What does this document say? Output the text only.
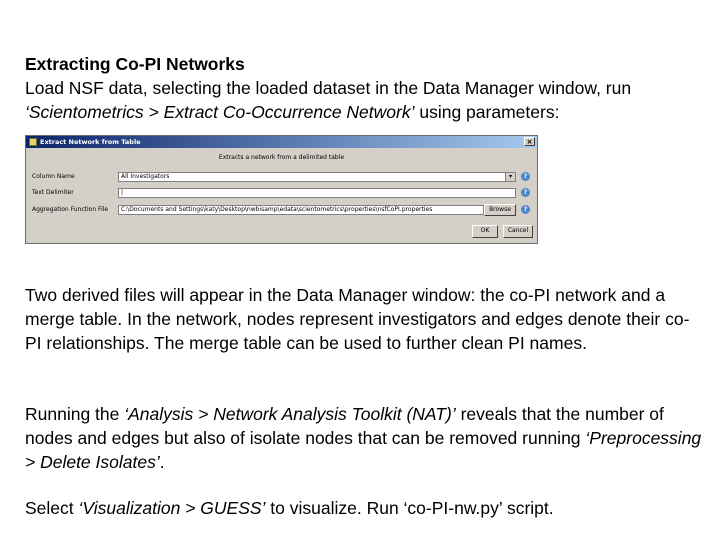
Extracting Co-PI Networks
Load NSF data, selecting the loaded dataset in the Data Manager window, run ‘Scientometrics > Extract Co-Occurrence Network’ using parameters:
Extract Network from Table	×
Extracts a network from a delimited table
Column Name	All Investigators	▾	?
Text Delimiter	|	?
Aggregation Function File	C:\Documents and Settings\katy\Desktop\nwbisamp\edata\scientometrics\properties\nsfCoPI.properties	Browse	?
OK	Cancel
Two derived files will appear in the Data Manager window: the co-PI network and a merge table. In the network, nodes represent investigators and edges denote their co-PI relationships. The merge table can be used to further clean PI names.
Running the ‘Analysis > Network Analysis Toolkit (NAT)’ reveals that the number of nodes and edges but also of isolate nodes that can be removed running ‘Preprocessing > Delete Isolates’.
Select ‘Visualization > GUESS’ to visualize. Run ‘co-PI-nw.py’ script.
